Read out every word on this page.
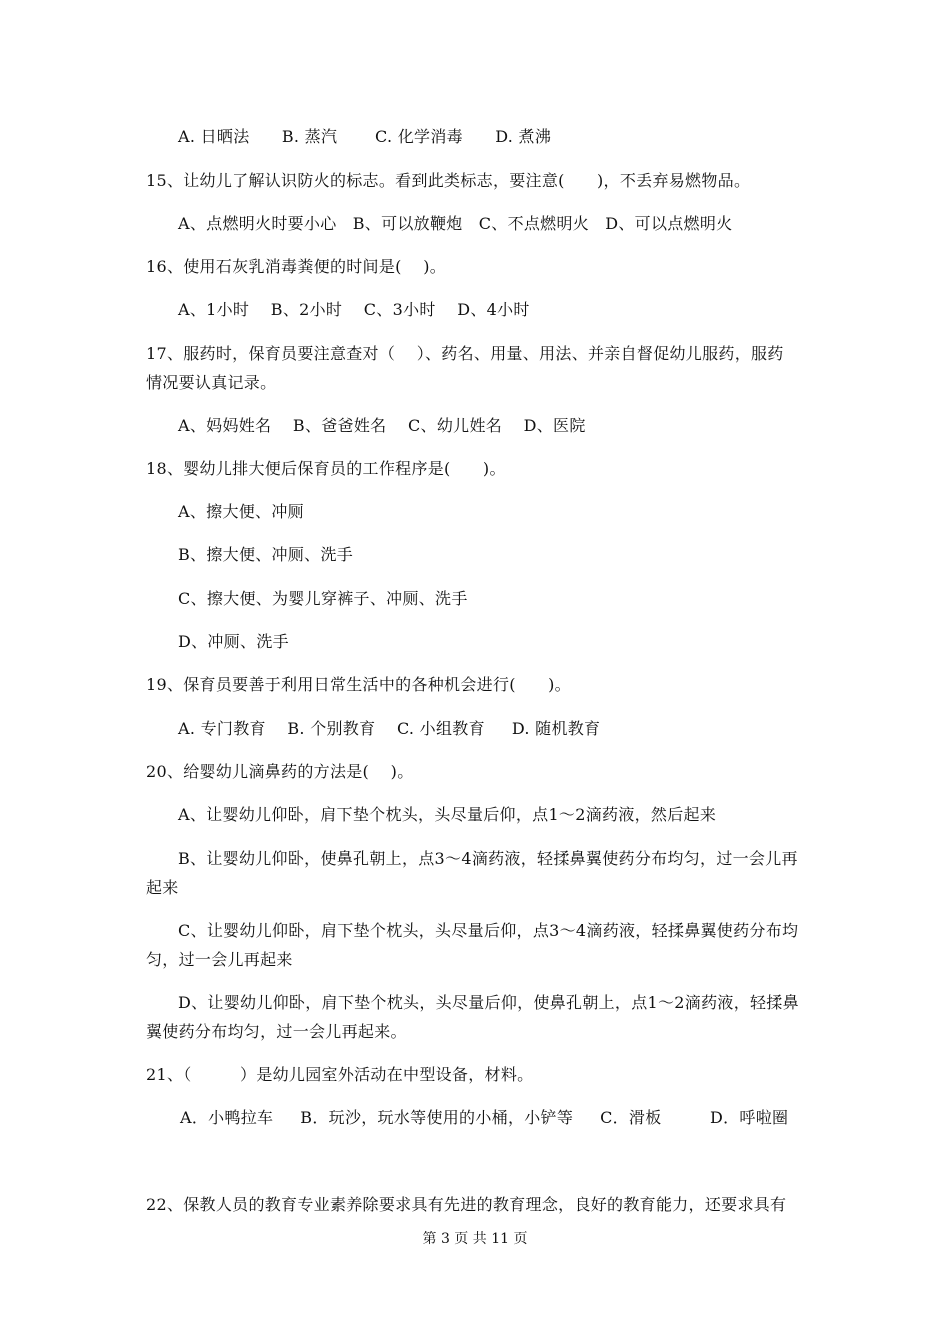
A. 日晒法      B. 蒸汽       C. 化学消毒      D. 煮沸
15、让幼儿了解认识防火的标志。看到此类标志，要注意(      )，不丢弃易燃物品。
A、点燃明火时要小心   B、可以放鞭炮   C、不点燃明火   D、可以点燃明火
16、使用石灰乳消毒粪便的时间是(    )。
A、1小时    B、2小时    C、3小时    D、4小时
17、服药时，保育员要注意查对（    ）、药名、用量、用法、并亲自督促幼儿服药，服药
情况要认真记录。
A、妈妈姓名    B、爸爸姓名    C、幼儿姓名    D、医院
18、婴幼儿排大便后保育员的工作程序是(      )。
A、擦大便、冲厕
B、擦大便、冲厕、洗手
C、擦大便、为婴儿穿裤子、冲厕、洗手
D、冲厕、洗手
19、保育员要善于利用日常生活中的各种机会进行(      )。
A. 专门教育    B. 个别教育    C. 小组教育     D. 随机教育
20、给婴幼儿滴鼻药的方法是(    )。
A、让婴幼儿仰卧，肩下垫个枕头，头尽量后仰，点1～2滴药液，然后起来
B、让婴幼儿仰卧，使鼻孔朝上，点3～4滴药液，轻揉鼻翼使药分布均匀，过一会儿再起来
C、让婴幼儿仰卧，肩下垫个枕头，头尽量后仰，点3～4滴药液，轻揉鼻翼使药分布均匀，过一会儿再起来
D、让婴幼儿仰卧，肩下垫个枕头，头尽量后仰，使鼻孔朝上，点1～2滴药液，轻揉鼻翼使药分布均匀，过一会儿再起来。
21、（         ）是幼儿园室外活动在中型设备，材料。
A．小鸭拉车     B．玩沙，玩水等使用的小桶，小铲等     C．滑板         D．呼啦圈
22、保教人员的教育专业素养除要求具有先进的教育理念，良好的教育能力，还要求具有
第 3 页 共 11 页
